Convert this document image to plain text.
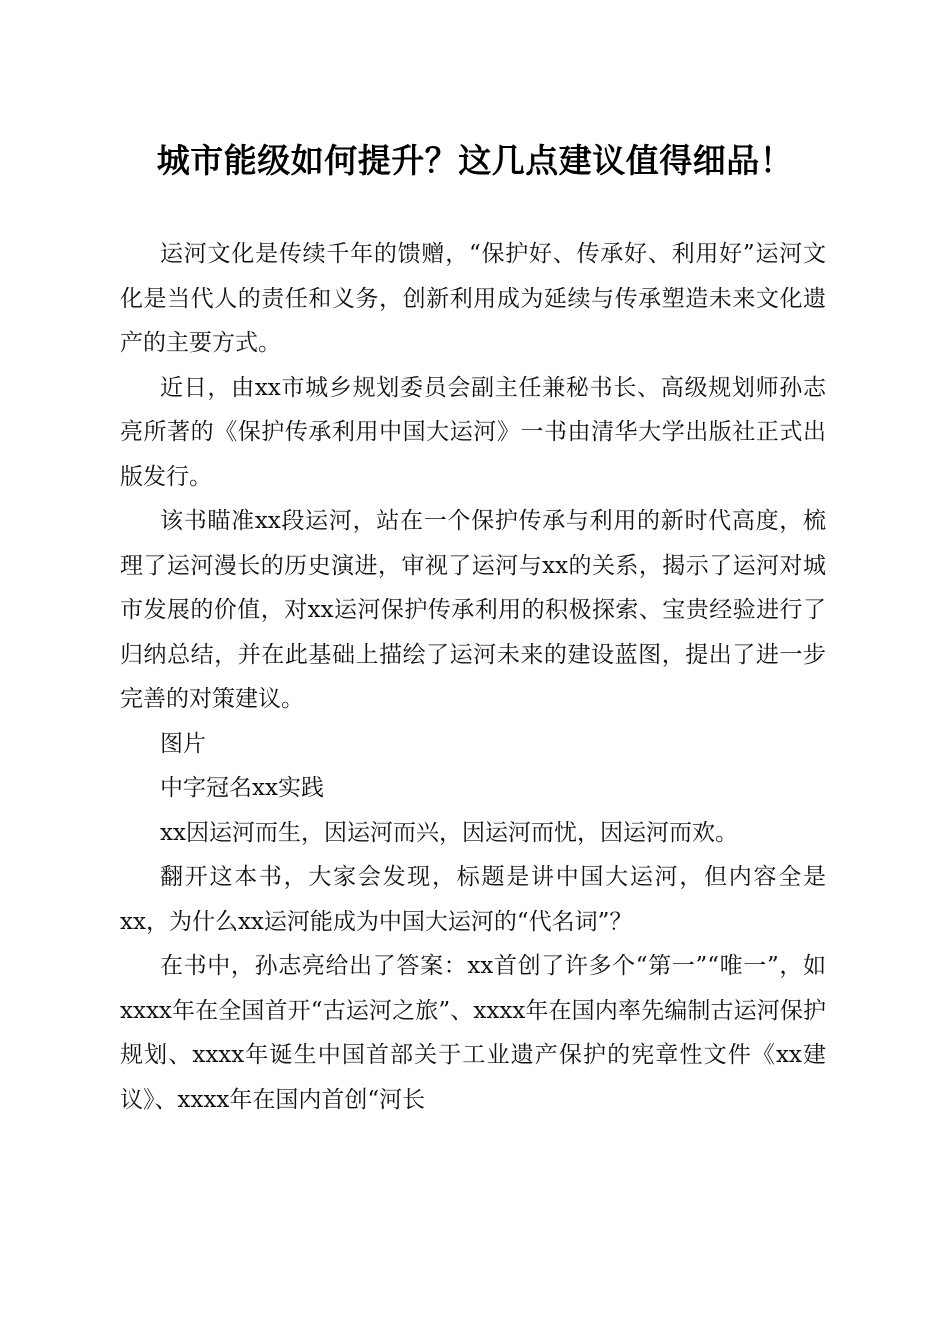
城市能级如何提升？这几点建议值得细品！

运河文化是传续千年的馈赠，“保护好、传承好、利用好”运河文化是当代人的责任和义务，创新利用成为延续与传承塑造未来文化遗产的主要方式。

近日，由xx市城乡规划委员会副主任兼秘书长、高级规划师孙志亮所著的《保护传承利用中国大运河》一书由清华大学出版社正式出版发行。

该书瞄准xx段运河，站在一个保护传承与利用的新时代高度，梳理了运河漫长的历史演进，审视了运河与xx的关系，揭示了运河对城市发展的价值，对xx运河保护传承利用的积极探索、宝贵经验进行了归纳总结，并在此基础上描绘了运河未来的建设蓝图，提出了进一步完善的对策建议。

图片

中字冠名xx实践

xx因运河而生，因运河而兴，因运河而忧，因运河而欢。

翻开这本书，大家会发现，标题是讲中国大运河，但内容全是xx，为什么xx运河能成为中国大运河的“代名词”？

在书中，孙志亮给出了答案：xx首创了许多个“第一”“唯一”，如xxxx年在全国首开“古运河之旅”、xxxx年在国内率先编制古运河保护规划、xxxx年诞生中国首部关于工业遗产保护的宪章性文件《xx建议》、xxxx年在国内首创“河长
